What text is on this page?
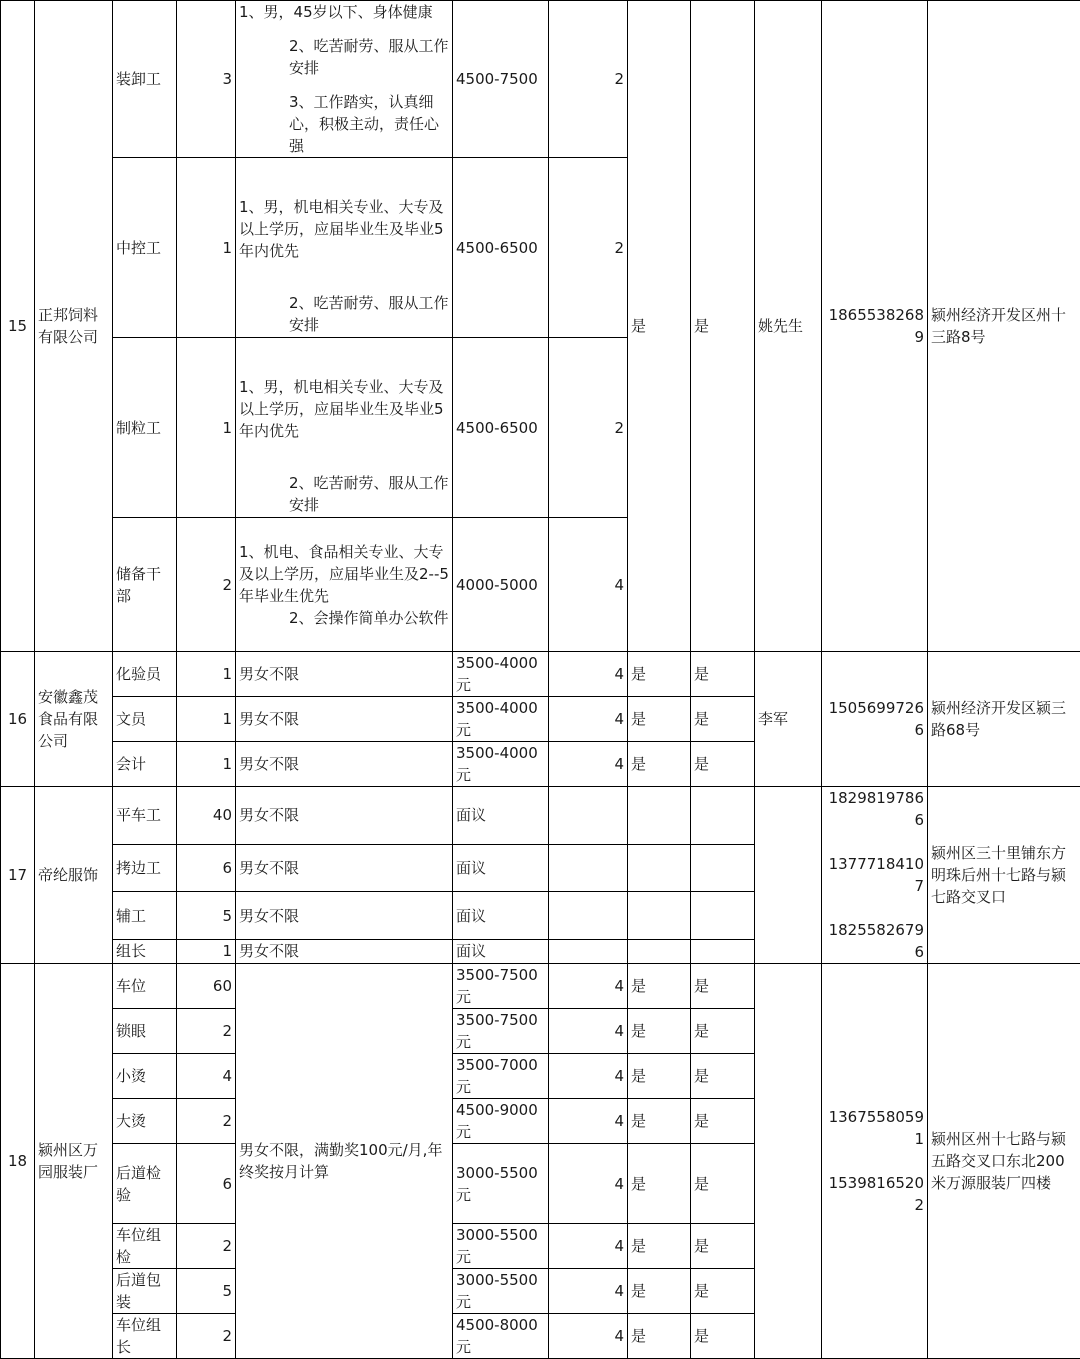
15	正邦饲料有限公司	装卸工	3	1、男，45岁以下、身体健康
2、吃苦耐劳、服从工作安排
3、工作踏实，认真细心，积极主动，责任心强	4500-7500	2	是	是	姚先生	18655382689	颍州经济开发区州十三路8号
		中控工	1	1、男，机电相关专业、大专及以上学历，应届毕业生及毕业5年内优先
2、吃苦耐劳、服从工作安排	4500-6500	2					
		制粒工	1	1、男，机电相关专业、大专及以上学历，应届毕业生及毕业5年内优先
2、吃苦耐劳、服从工作安排	4500-6500	2					
		储备干部	2	1、机电、食品相关专业、大专及以上学历，应届毕业生及2--5年毕业生优先
2、会操作简单办公软件	4000-5000	4					
16	安徽鑫茂食品有限公司	化验员	1	男女不限	3500-4000元	4	是	是	李军	15056997266	颍州经济开发区颍三路68号
		文员	1	男女不限	3500-4000元	4	是	是			
		会计	1	男女不限	3500-4000元	4	是	是			
17	帝纶服饰	平车工	40	男女不限	面议					18298197866
13777184107
18255826796	颍州区三十里铺东方明珠后州十七路与颍七路交叉口
		拷边工	6	男女不限	面议						
		辅工	5	男女不限	面议						
		组长	1	男女不限	面议						
18	颍州区万园服装厂	车位	60	男女不限，满勤奖100元/月,年终奖按月计算	3500-7500元	4	是	是		13675580591
15398165202	颍州区州十七路与颍五路交叉口东北200米万源服装厂四楼
		锁眼	2		3500-7500元	4	是	是			
		小烫	4		3500-7000元	4	是	是			
		大烫	2		4500-9000元	4	是	是			
		后道检验	6		3000-5500元	4	是	是			
		车位组检	2		3000-5500元	4	是	是			
		后道包装	5		3000-5500元	4	是	是			
		车位组长	2		4500-8000元	4	是	是			
